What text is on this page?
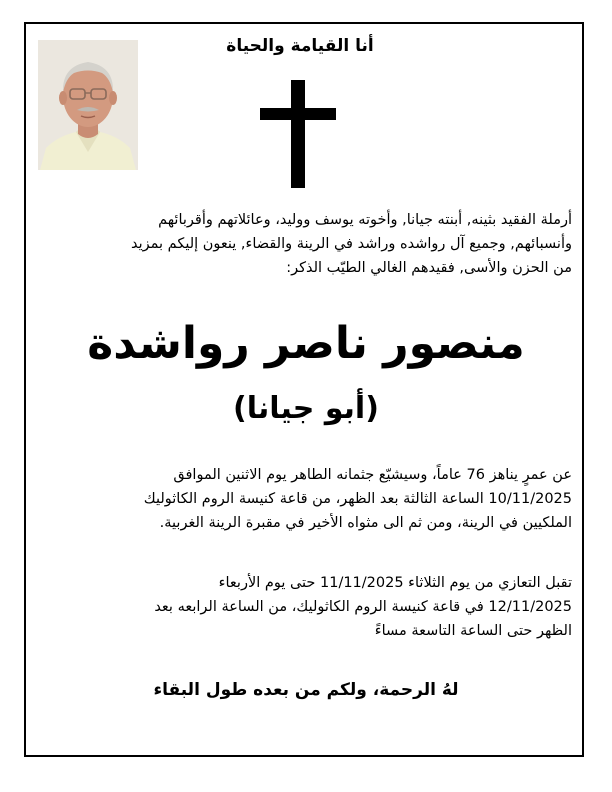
أنا القيامة والحياة
أرملة الفقيد بثينه, أبنته جيانا, وأخوته يوسف ووليد، وعائلاتهم وأقربائهم
وأنسبائهم, وجميع آل رواشده وراشد في الرينة والقضاء, ينعون إليكم بمزيد
من الحزن والأسى, فقيدهم الغالي الطيّب الذكر:
منصور ناصر رواشدة
(أبو جيانا)
عن عمرٍ يناهز 76 عاماً، وسيشيّع جثمانه الطاهر يوم الاثنين الموافق
10/11/2025 الساعة الثالثة بعد الظهر، من قاعة كنيسة الروم الكاثوليك
الملكيين في الرينة، ومن ثم الى مثواه الأخير في مقبرة الرينة الغربية.
تقبل التعازي من يوم الثلاثاء 11/11/2025 حتى يوم الأربعاء
12/11/2025 في قاعة كنيسة الروم الكاثوليك، من الساعة الرابعه بعد
الظهر حتى الساعة التاسعة مساءً
لهُ الرحمة، ولكم من بعده طول البقاء
